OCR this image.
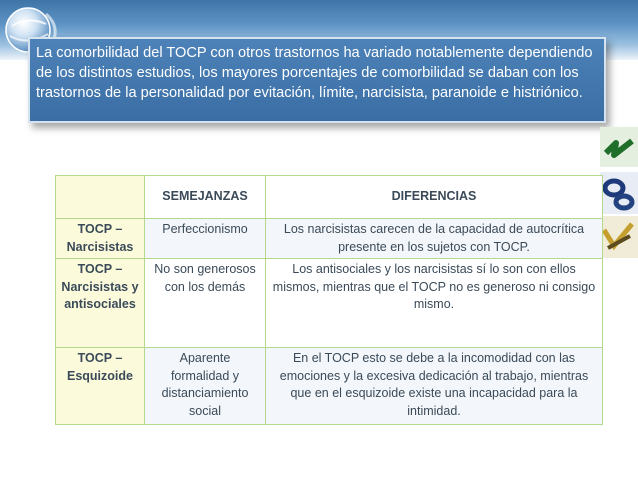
La comorbilidad del TOCP con otros trastornos ha variado notablemente dependiendo de los distintos estudios, los mayores porcentajes de comorbilidad se daban con los trastornos de la personalidad por evitación, límite, narcisista, paranoide e histriónico.
	SEMEJANZAS	DIFERENCIAS
TOCP – Narcisistas	Perfeccionismo	Los narcisistas carecen de la capacidad de autocrítica presente en los sujetos con TOCP.
TOCP – Narcisistas y antisociales	No son generosos con los demás	Los antisociales y los narcisistas sí lo son con ellos mismos, mientras que el TOCP no es generoso ni consigo mismo.
TOCP – Esquizoide	Aparente formalidad y distanciamiento social	En el TOCP esto se debe a la incomodidad con las emociones y la excesiva dedicación al trabajo, mientras que en el esquizoide existe una incapacidad para la intimidad.
